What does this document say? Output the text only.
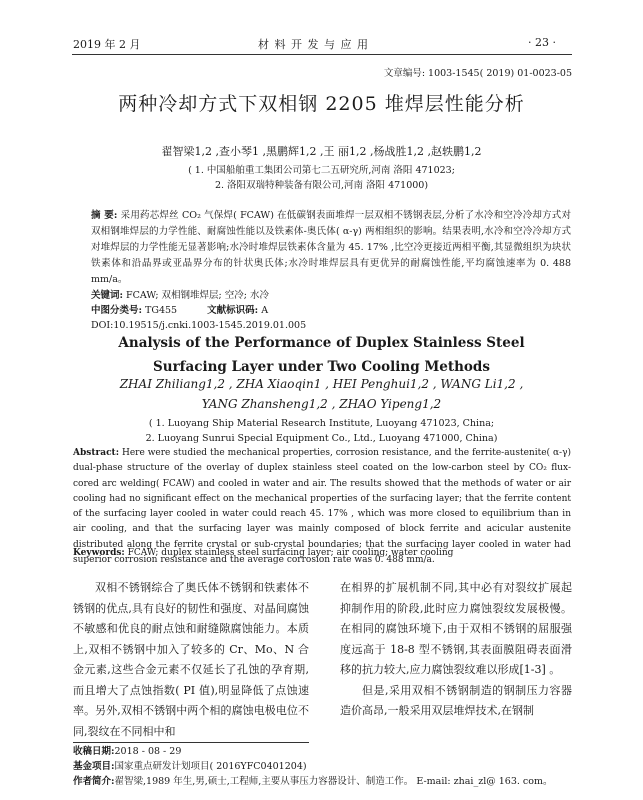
2019 年 2 月	材 料 开 发 与 应 用	· 23 ·
文章编号: 1003-1545( 2019) 01-0023-05
两种冷却方式下双相钢 2205 堆焊层性能分析
翟智梁1,2 ,查小琴1 ,黑鹏辉1,2 ,王 丽1,2 ,杨战胜1,2 ,赵轶鹏1,2
( 1. 中国船舶重工集团公司第七二五研究所,河南 洛阳 471023;
2. 洛阳双瑞特种装备有限公司,河南 洛阳 471000)
摘 要: 采用药芯焊丝 CO₂ 气保焊( FCAW) 在低碳钢表面堆焊一层双相不锈钢表层,分析了水冷和空冷冷却方式对双相钢堆焊层的力学性能、耐腐蚀性能以及铁素体-奥氏体( α-γ) 两相组织的影响。结果表明,水冷和空冷冷却方式对堆焊层的力学性能无显著影响;水冷时堆焊层铁素体含量为 45. 17% ,比空冷更接近两相平衡,其显微组织为块状铁素体和沿晶界或亚晶界分布的针状奥氏体;水冷时堆焊层具有更优异的耐腐蚀性能,平均腐蚀速率为 0. 488 mm/a。
关键词: FCAW; 双相钢堆焊层; 空冷; 水冷
中图分类号: TG455	文献标识码: A
DOI:10.19515/j.cnki.1003-1545.2019.01.005
Analysis of the Performance of Duplex Stainless Steel
Surfacing Layer under Two Cooling Methods
ZHAI Zhiliang1,2 , ZHA Xiaoqin1 , HEI Penghui1,2 , WANG Li1,2 ,
YANG Zhansheng1,2 , ZHAO Yipeng1,2
( 1. Luoyang Ship Material Research Institute, Luoyang 471023, China;
2. Luoyang Sunrui Special Equipment Co., Ltd., Luoyang 471000, China)
Abstract: Here were studied the mechanical properties, corrosion resistance, and the ferrite-austenite( α-γ) dual-phase structure of the overlay of duplex stainless steel coated on the low-carbon steel by CO₂ flux-cored arc welding( FCAW) and cooled in water and air. The results showed that the methods of water or air cooling had no significant effect on the mechanical properties of the surfacing layer; that the ferrite content of the surfacing layer cooled in water could reach 45. 17% , which was more closed to equilibrium than in air cooling, and that the surfacing layer was mainly composed of block ferrite and acicular austenite distributed along the ferrite crystal or sub-crystal boundaries; that the surfacing layer cooled in water had superior corrosion resistance and the average corrosion rate was 0. 488 mm/a.
Keywords: FCAW; duplex stainless steel surfacing layer; air cooling; water cooling

双相不锈钢综合了奥氏体不锈钢和铁素体不锈钢的优点,具有良好的韧性和强度、对晶间腐蚀不敏感和优良的耐点蚀和耐缝隙腐蚀能力。本质上,双相不锈钢中加入了较多的 Cr、Mo、N 合金元素,这些合金元素不仅延长了孔蚀的孕育期,而且增大了点蚀指数( PI 值),明显降低了点蚀速率。另外,双相不锈钢中两个相的腐蚀电极电位不同,裂纹在不同相中和

在相界的扩展机制不同,其中必有对裂纹扩展起抑制作用的阶段,此时应力腐蚀裂纹发展极慢。在相同的腐蚀环境下,由于双相不锈钢的屈服强度远高于 18-8 型不锈钢,其表面膜阻碍表面滑移的抗力较大,应力腐蚀裂纹难以形成[1-3] 。

但是,采用双相不锈钢制造的钢制压力容器造价高昂,一般采用双层堆焊技术,在钢制

收稿日期:2018 - 08 - 29
基金项目:国家重点研发计划项目( 2016YFC0401204)
作者简介:翟智梁,1989 年生,男,硕士,工程师,主要从事压力容器设计、制造工作。 E-mail: zhai_zl@ 163. com。
